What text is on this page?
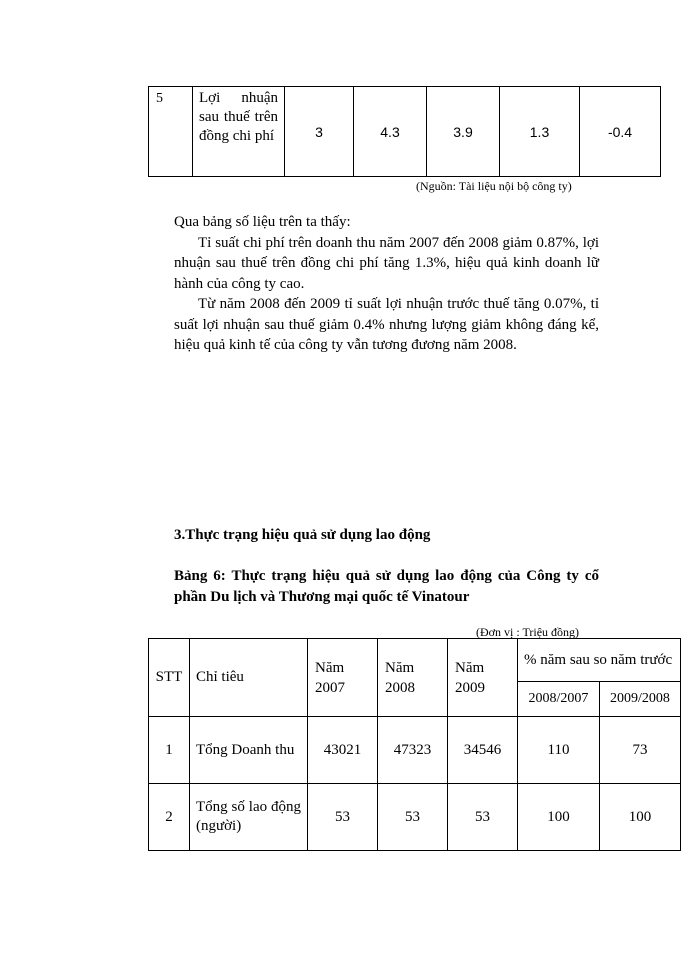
5	Lợi nhuận sau thuế trên đồng chi phí	3	4.3	3.9	1.3	-0.4
(Nguồn: Tài liệu nội bộ công ty)

Qua bảng số liệu trên ta thấy:

Tỉ suất chi phí trên doanh thu năm 2007 đến 2008 giảm 0.87%, lợi nhuận sau thuế trên đồng chi phí tăng 1.3%, hiệu quả kinh doanh lữ hành của công ty cao.

Từ năm 2008 đến 2009 tỉ suất lợi nhuận trước thuế tăng 0.07%, tỉ suất lợi nhuận sau thuế giảm 0.4% nhưng lượng giảm không đáng kể, hiệu quả kinh tế của công ty vẫn tương đương năm 2008.

3.Thực trạng hiệu quả sử dụng lao động
Bảng 6: Thực trạng hiệu quả sử dụng lao động của Công ty cổ phần Du lịch và Thương mại quốc tế Vinatour
(Đơn vị : Triệu đồng)
STT	Chỉ tiêu	Năm 2007	Năm 2008	Năm 2009	% năm sau so năm trước	
					2008/2007	2009/2008
1	Tổng Doanh thu	43021	47323	34546	110	73
2	Tổng số lao động (người)	53	53	53	100	100
